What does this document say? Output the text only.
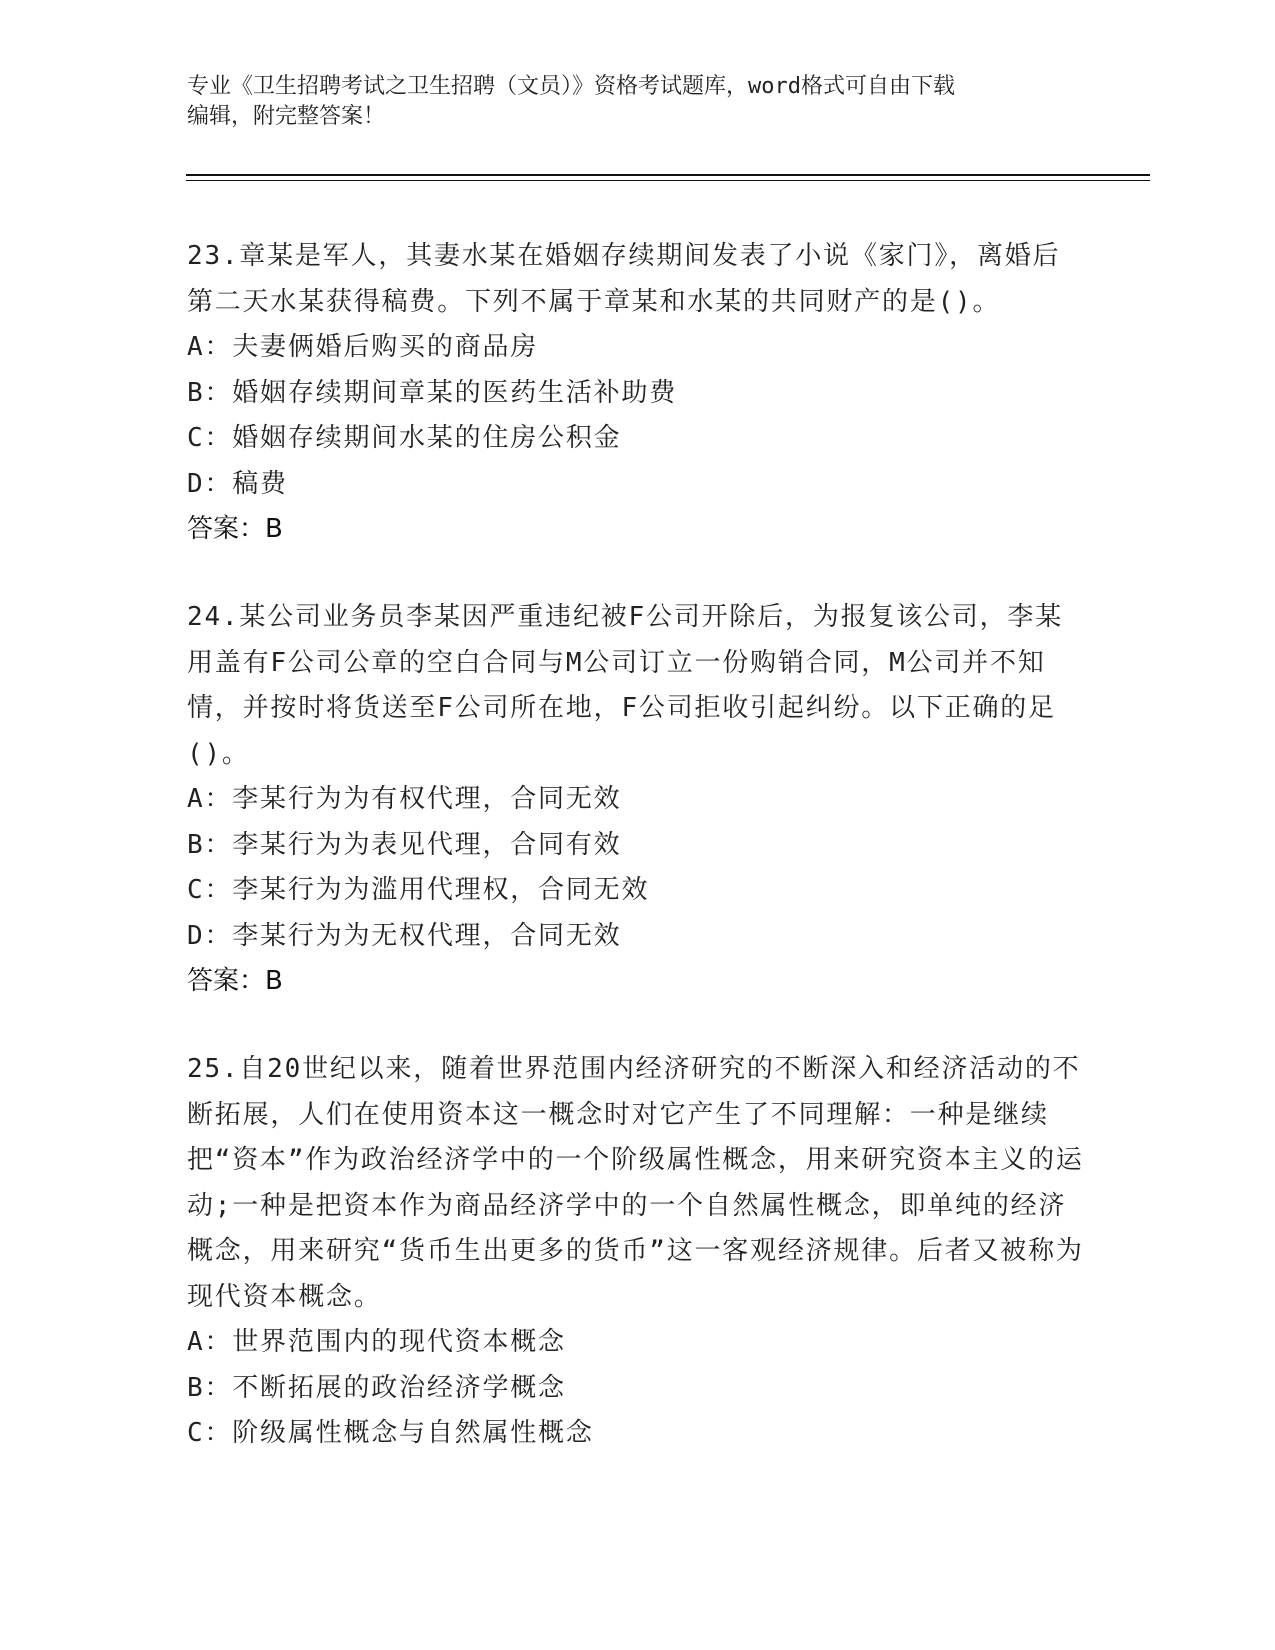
专业《卫生招聘考试之卫生招聘（文员）》资格考试题库，word格式可自由下载
编辑，附完整答案！
23.章某是军人，其妻水某在婚姻存续期间发表了小说《家门》，离婚后第二天水某获得稿费。下列不属于章某和水某的共同财产的是()。
A：夫妻俩婚后购买的商品房
B：婚姻存续期间章某的医药生活补助费
C：婚姻存续期间水某的住房公积金
D：稿费
答案：B
24.某公司业务员李某因严重违纪被F公司开除后，为报复该公司，李某用盖有F公司公章的空白合同与M公司订立一份购销合同，M公司并不知情，并按时将货送至F公司所在地，F公司拒收引起纠纷。以下正确的足()。
A：李某行为为有权代理，合同无效
B：李某行为为表见代理，合同有效
C：李某行为为滥用代理权，合同无效
D：李某行为为无权代理，合同无效
答案：B
25.自20世纪以来，随着世界范围内经济研究的不断深入和经济活动的不断拓展，人们在使用资本这一概念时对它产生了不同理解：一种是继续把“资本”作为政治经济学中的一个阶级属性概念，用来研究资本主义的运动;一种是把资本作为商品经济学中的一个自然属性概念，即单纯的经济概念，用来研究“货币生出更多的货币”这一客观经济规律。后者又被称为现代资本概念。
A：世界范围内的现代资本概念
B：不断拓展的政治经济学概念
C：阶级属性概念与自然属性概念
